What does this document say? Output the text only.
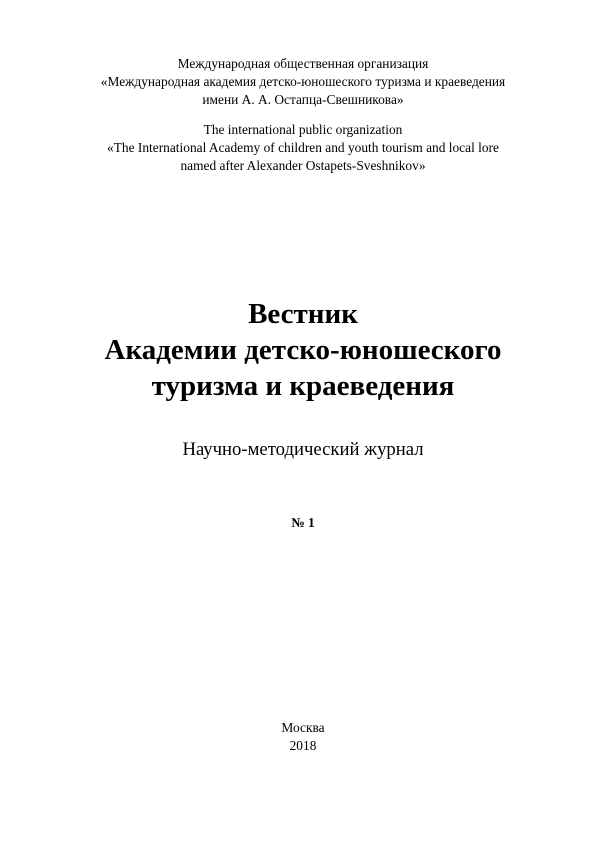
Международная общественная организация
«Международная академия детско-юношеского туризма и краеведения
имени А. А. Остапца-Свешникова»
The international public organization
«The International Academy of children and youth tourism and local lore
named after Alexander Ostapets-Sveshnikov»
Вестник
Академии детско-юношеского
туризма и краеведения
Научно-методический журнал
№ 1
Москва
2018
